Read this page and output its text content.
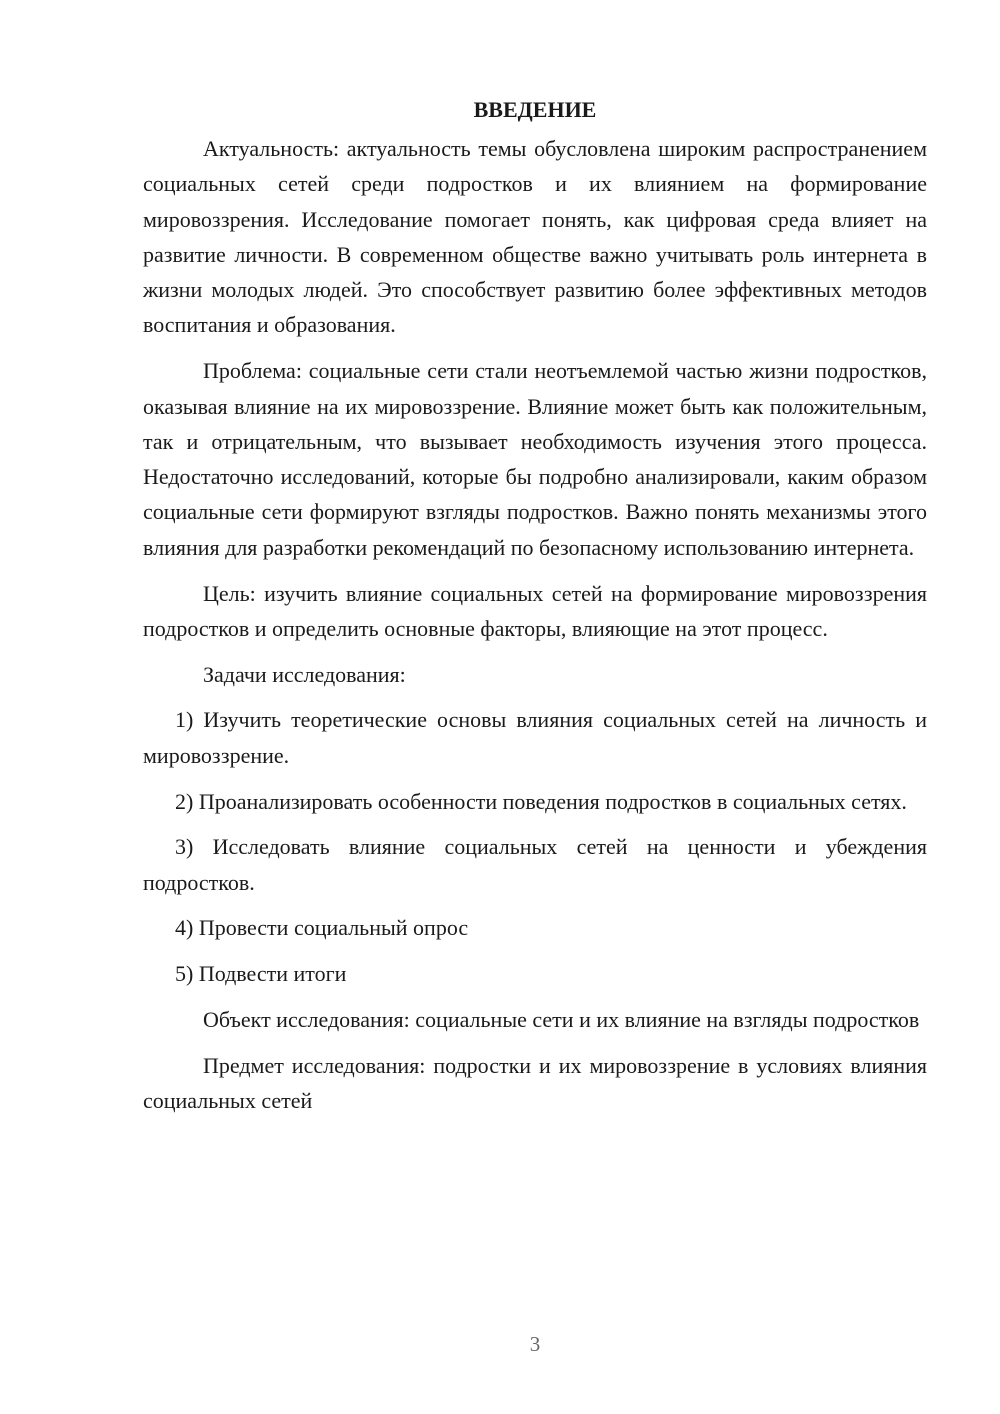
ВВЕДЕНИЕ

Актуальность: актуальность темы обусловлена широким распространением социальных сетей среди подростков и их влиянием на формирование мировоззрения. Исследование помогает понять, как цифровая среда влияет на развитие личности. В современном обществе важно учитывать роль интернета в жизни молодых людей. Это способствует развитию более эффективных методов воспитания и образования.

Проблема: социальные сети стали неотъемлемой частью жизни подростков, оказывая влияние на их мировоззрение. Влияние может быть как положительным, так и отрицательным, что вызывает необходимость изучения этого процесса. Недостаточно исследований, которые бы подробно анализировали, каким образом социальные сети формируют взгляды подростков. Важно понять механизмы этого влияния для разработки рекомендаций по безопасному использованию интернета.

Цель: изучить влияние социальных сетей на формирование мировоззрения подростков и определить основные факторы, влияющие на этот процесс.

Задачи исследования:

1) Изучить теоретические основы влияния социальных сетей на личность и мировоззрение.

2) Проанализировать особенности поведения подростков в социальных сетях.

3) Исследовать влияние социальных сетей на ценности и убеждения подростков.

4) Провести социальный опрос

5) Подвести итоги

Объект исследования: социальные сети и их влияние на взгляды подростков

Предмет исследования: подростки и их мировоззрение в условиях влияния социальных сетей

3
